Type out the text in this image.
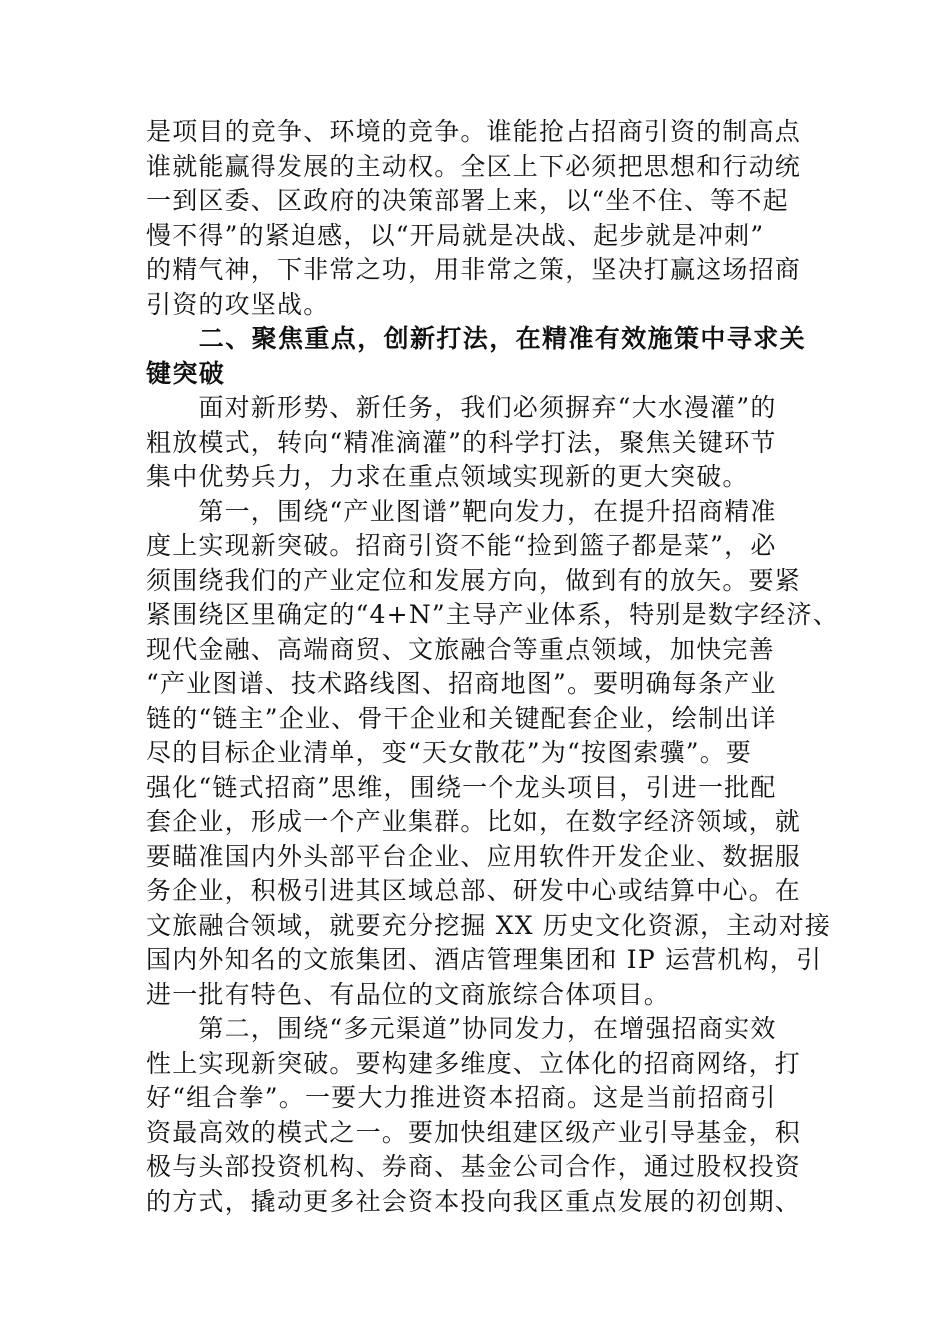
是项目的竞争、环境的竞争。谁能抢占招商引资的制高点
谁就能赢得发展的主动权。全区上下必须把思想和行动统
一到区委、区政府的决策部署上来，以“坐不住、等不起
慢不得”的紧迫感，以“开局就是决战、起步就是冲刺”
的精气神，下非常之功，用非常之策，坚决打赢这场招商
引资的攻坚战。
　　二、聚焦重点，创新打法，在精准有效施策中寻求关
键突破
　　面对新形势、新任务，我们必须摒弃“大水漫灌”的
粗放模式，转向“精准滴灌”的科学打法，聚焦关键环节
集中优势兵力，力求在重点领域实现新的更大突破。
　　第一，围绕“产业图谱”靶向发力，在提升招商精准
度上实现新突破。招商引资不能“捡到篮子都是菜”，必
须围绕我们的产业定位和发展方向，做到有的放矢。要紧
紧围绕区里确定的“4+N”主导产业体系，特别是数字经济、
现代金融、高端商贸、文旅融合等重点领域，加快完善
“产业图谱、技术路线图、招商地图”。要明确每条产业
链的“链主”企业、骨干企业和关键配套企业，绘制出详
尽的目标企业清单，变“天女散花”为“按图索骥”。要
强化“链式招商”思维，围绕一个龙头项目，引进一批配
套企业，形成一个产业集群。比如，在数字经济领域，就
要瞄准国内外头部平台企业、应用软件开发企业、数据服
务企业，积极引进其区域总部、研发中心或结算中心。在
文旅融合领域，就要充分挖掘 XX 历史文化资源，主动对接
国内外知名的文旅集团、酒店管理集团和 IP 运营机构，引
进一批有特色、有品位的文商旅综合体项目。
　　第二，围绕“多元渠道”协同发力，在增强招商实效
性上实现新突破。要构建多维度、立体化的招商网络，打
好“组合拳”。一要大力推进资本招商。这是当前招商引
资最高效的模式之一。要加快组建区级产业引导基金，积
极与头部投资机构、券商、基金公司合作，通过股权投资
的方式，撬动更多社会资本投向我区重点发展的初创期、
